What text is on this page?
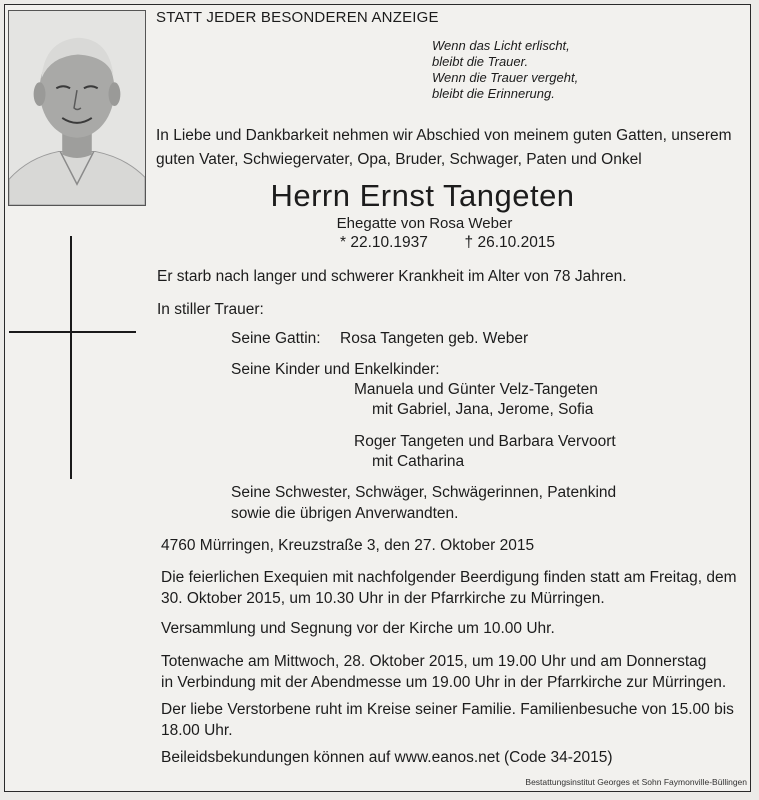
STATT JEDER BESONDEREN ANZEIGE
Wenn das Licht erlischt,
bleibt die Trauer.
Wenn die Trauer vergeht,
bleibt die Erinnerung.
In Liebe und Dankbarkeit nehmen wir Abschied von meinem guten Gatten, unserem
guten Vater, Schwiegervater, Opa, Bruder, Schwager, Paten und Onkel
Herrn Ernst Tangeten
Ehegatte von Rosa Weber
* 22.10.1937 † 26.10.2015
Er starb nach langer und schwerer Krankheit im Alter von 78 Jahren.
In stiller Trauer:
Seine Gattin: Rosa Tangeten geb. Weber
Seine Kinder und Enkelkinder:
Manuela und Günter Velz-Tangeten
mit Gabriel, Jana, Jerome, Sofia
Roger Tangeten und Barbara Vervoort
mit Catharina
Seine Schwester, Schwäger, Schwägerinnen, Patenkind
sowie die übrigen Anverwandten.
4760 Mürringen, Kreuzstraße 3, den 27. Oktober 2015
Die feierlichen Exequien mit nachfolgender Beerdigung finden statt am Freitag, dem
30. Oktober 2015, um 10.30 Uhr in der Pfarrkirche zu Mürringen.
Versammlung und Segnung vor der Kirche um 10.00 Uhr.
Totenwache am Mittwoch, 28. Oktober 2015, um 19.00 Uhr und am Donnerstag
in Verbindung mit der Abendmesse um 19.00 Uhr in der Pfarrkirche zur Mürringen.
Der liebe Verstorbene ruht im Kreise seiner Familie. Familienbesuche von 15.00 bis
18.00 Uhr.
Beileidsbekundungen können auf www.eanos.net (Code 34-2015)
Bestattungsinstitut Georges et Sohn Faymonville-Büllingen
